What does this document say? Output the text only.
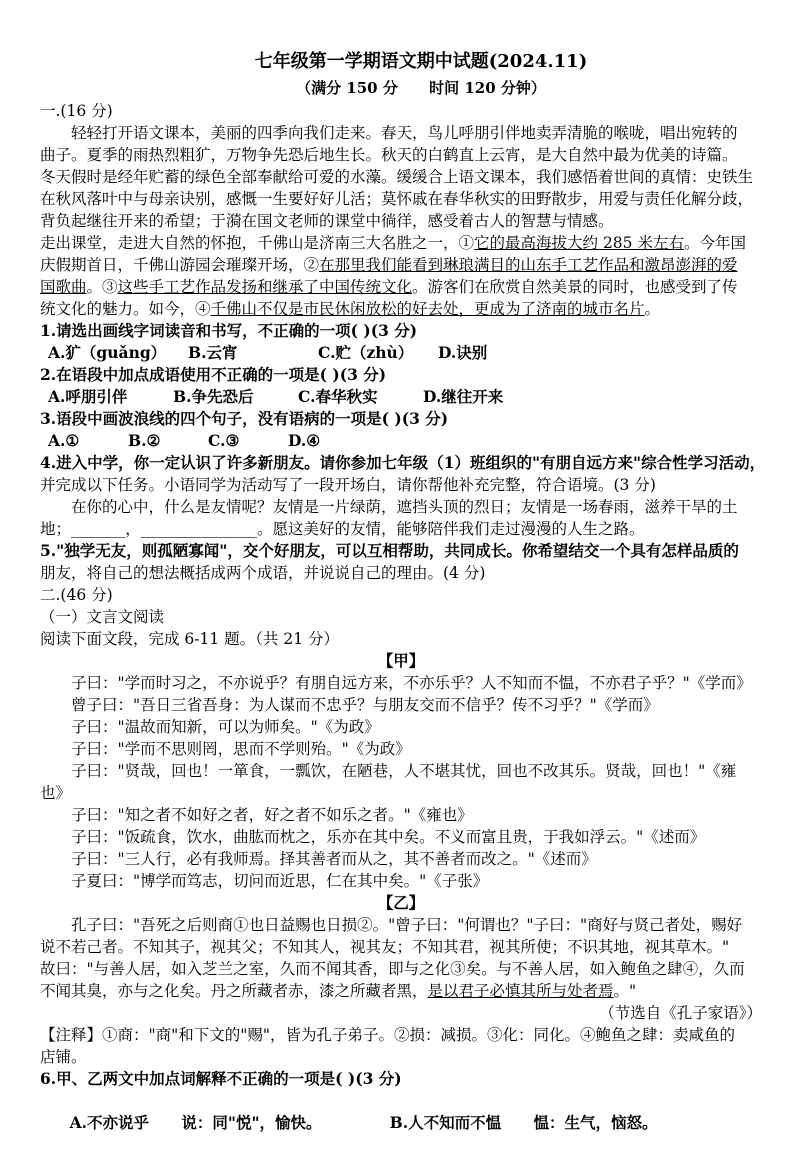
七年级第一学期语文期中试题(2024.11)
（满分 150 分      时间 120 分钟）
一.(16 分)
轻轻打开语文课本，美丽的四季向我们走来。春天，鸟儿呼朋引伴地卖弄清脆的喉咙，唱出宛转的
曲子。夏季的雨热烈粗犷，万物争先恐后地生长。秋天的白鹤直上云宵，是大自然中最为优美的诗篇。
冬天假时是经年贮蓄的绿色全部奉献给可爱的水藻。缓缓合上语文课本，我们感悟着世间的真情：史铁生
在秋风落叶中与母亲诀别，感慨一生要好好儿活；莫怀戚在春华秋实的田野散步，用爱与责任化解分歧，
背负起继往开来的希望；于漪在国文老师的课堂中徜徉，感受着古人的智慧与情感。
走出课堂，走进大自然的怀抱，千佛山是济南三大名胜之一，①它的最高海拔大约 285 米左右。今年国
庆假期首日，千佛山游园会璀璨开场，②在那里我们能看到琳琅满目的山东手工艺作品和激昂澎湃的爱
国歌曲。③这些手工艺作品发扬和继承了中国传统文化。游客们在欣赏自然美景的同时，也感受到了传
统文化的魅力。如今，④千佛山不仅是市民休闲放松的好去处，更成为了济南的城市名片。
1.请选出画线字词读音和书写，不正确的一项( )(3 分)
A.犷（guǎng） B.云宵	C.贮（zhù） D.诀别
2.在语段中加点成语使用不正确的一项是( )(3 分)
A.呼朋引伴	B.争先恐后	C.春华秋实	D.继往开来
3.语段中画波浪线的四个句子，没有语病的一项是( )(3 分)
A.①	B.②	C.③	D.④
4.进入中学，你一定认识了许多新朋友。请你参加七年级（1）班组织的"有朋自远方来"综合性学习活动，
并完成以下任务。小语同学为活动写了一段开场白，请你帮他补充完整，符合语境。(3 分)
在你的心中，什么是友情呢？友情是一片绿荫，遮挡头顶的烈日；友情是一场春雨，滋养干旱的土
地；_______，_______________。愿这美好的友情，能够陪伴我们走过漫漫的人生之路。
5."独学无友，则孤陋寡闻"，交个好朋友，可以互相帮助，共同成长。你希望结交一个具有怎样品质的
朋友，将自己的想法概括成两个成语，并说说自己的理由。(4 分)
二.(46 分)
（一）文言文阅读
阅读下面文段，完成 6-11 题。（共 21 分）
【甲】
子曰："学而时习之，不亦说乎？有朋自远方来，不亦乐乎？人不知而不愠，不亦君子乎？"《学而》
曾子曰："吾日三省吾身：为人谋而不忠乎？与朋友交而不信乎？传不习乎？"《学而》
子曰："温故而知新，可以为师矣。"《为政》
子曰："学而不思则罔，思而不学则殆。"《为政》
子曰："贤哉，回也！一箪食，一瓢饮，在陋巷，人不堪其忧，回也不改其乐。贤哉，回也！"《雍
也》
子曰："知之者不如好之者，好之者不如乐之者。"《雍也》
子曰："饭疏食，饮水，曲肱而枕之，乐亦在其中矣。不义而富且贵，于我如浮云。"《述而》
子曰："三人行，必有我师焉。择其善者而从之，其不善者而改之。"《述而》
子夏曰："博学而笃志，切问而近思，仁在其中矣。"《子张》
【乙】
孔子曰："吾死之后则商①也日益赐也日损②。"曾子曰："何谓也？"子曰："商好与贤己者处，赐好
说不若己者。不知其子，视其父；不知其人，视其友；不知其君，视其所使；不识其地，视其草木。"
故曰："与善人居，如入芝兰之室，久而不闻其香，即与之化③矣。与不善人居，如入鲍鱼之肆④，久而
不闻其臭，亦与之化矣。丹之所藏者赤，漆之所藏者黑，是以君子必慎其所与处者焉。"
（节选自《孔子家语》）
【注释】①商："商"和下文的"赐"，皆为孔子弟子。②损：减损。③化：同化。④鲍鱼之肆：卖咸鱼的
店铺。
6.甲、乙两文中加点词解释不正确的一项是( )(3 分)

A.不亦说乎      说：同"悦"，愉快。	B.人不知而不愠      愠：生气，恼怒。
